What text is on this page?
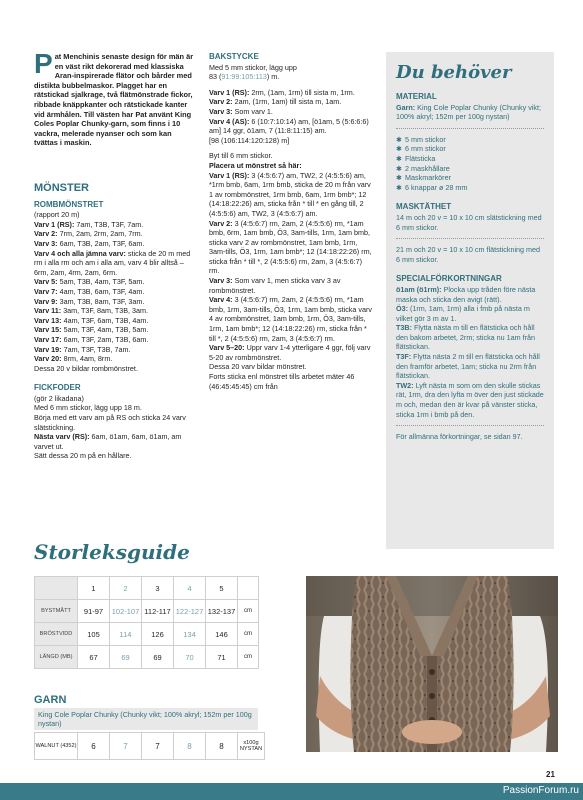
Pat Menchinis senaste design för män är en väst rikt dekorerad med klassiska Aran-inspirerade flätor och bårder med distikta bubbelmaskor. Plagget har en rätstickad sjalkrage, två flätmönstrade fickor, ribbade knäppkanter och rätstickade kanter vid ärmhålen. Till västen har Pat använt King Coles Poplar Chunky-garn, som finns i 10 vackra, melerade nyanser och som kan tvättas i maskin.
MÖNSTER
ROMBMÖNSTRET

(rapport 20 m)

Varv 1 (RS): 7am, T3B, T3F, 7am.

Varv 2: 7rm, 2am, 2rm, 2am, 7rm.

Varv 3: 6am, T3B, 2am, T3F, 6am.

Varv 4 och alla jämna varv: sticka de 20 m med rm i alla rm och am i alla am, varv 4 blir alltså – 6rm, 2am, 4rm, 2am, 6rm.

Varv 5: 5am, T3B, 4am, T3F, 5am.

Varv 7: 4am, T3B, 6am, T3F, 4am.

Varv 9: 3am, T3B, 8am, T3F, 3am.

Varv 11: 3am, T3F, 8am, T3B, 3am.

Varv 13: 4am, T3F, 6am, T3B, 4am.

Varv 15: 5am, T3F, 4am, T3B, 5am.

Varv 17: 6am, T3F, 2am, T3B, 6am.

Varv 19: 7am, T3F, T3B, 7am.

Varv 20: 8rm, 4am, 8rm.

Dessa 20 v bildar rombmönstret.

FICKFODER

(gör 2 likadana)

Med 6 mm stickor, lägg upp 18 m.

Börja med ett varv am på RS och sticka 24 varv slätstickning.

Nästa varv (RS): 6am, ö1am, 6am, ö1am, am varvet ut.

Sätt dessa 20 m på en hållare.

BAKSTYCKE

Med 5 mm stickor, lägg upp

83 (91:99:105:113) m.

Varv 1 (RS): 2rm, (1am, 1rm) till sista m, 1rm.

Varv 2: 2am, (1rm, 1am) till sista m, 1am.

Varv 3: Som varv 1.

Varv 4 (AS): 6 (10:7:10:14) am, [ö1am, 5 (5:6:6:6) am] 14 ggr, ö1am, 7 (11:8:11:15) am.

[98 (106:114:120:128) m]

Byt till 6 mm stickor.

Placera ut mönstret så här:

Varv 1 (RS): 3 (4:5:6:7) am, TW2, 2 (4:5:5:6) am, *1rm bmb, 6am, 1rm bmb, sticka de 20 m från varv 1 av rombmönstret, 1rm bmb, 6am, 1rm bmb*; 12 (14:18:22:26) am, sticka från * till * en gång till, 2 (4:5:5:6) am, TW2, 3 (4:5:6:7) am.

Varv 2: 3 (4:5:6:7) rm, 2am, 2 (4:5:5:6) rm, *1am bmb, 6rm, 1am bmb, Ö3, 3am-tills, 1rm, 1am bmb, sticka varv 2 av rombmönstret, 1am bmb, 1rm, 3am-tills, Ö3, 1rm, 1am bmb*; 12 (14:18:22:26) rm, sticka från * till *, 2 (4:5:5:6) rm, 2am, 3 (4:5:6:7) rm.

Varv 3: Som varv 1, men sticka varv 3 av rombmönstret.

Varv 4: 3 (4:5:6:7) rm, 2am, 2 (4:5:5:6) rm, *1am bmb, 1rm, 3am-tills, Ö3, 1rm, 1am bmb, sticka varv 4 av rombmönstret, 1am bmb, 1rm, Ö3, 3am-tills, 1rm, 1am bmb*; 12 (14:18:22:26) rm, sticka från * till *, 2 (4:5:5:6) rm, 2am, 3 (4:5:6:7) rm.

Varv 5–20: Uppr varv 1-4 ytterligare 4 ggr, följ varv 5-20 av rombmönstret.

Dessa 20 varv bildar mönstret.

Forts sticka enl mönstret tills arbetet mäter 46 (46:45:45:45) cm från

Du behöver
MATERIAL

Garn: King Cole Poplar Chunky (Chunky vikt; 100% akryl; 152m per 100g nystan)

✱ 5 mm stickor
✱ 6 mm stickor
✱ Flätsticka
✱ 2 maskhållare
✱ Maskmarkörer
✱ 6 knappar ø 28 mm
MASKTÄTHET

14 m och 20 v = 10 x 10 cm slätstickning med 6 mm stickor.

21 m och 20 v = 10 x 10 cm flätstickning med 6 mm stickor.

SPECIALFÖRKORTNINGAR

ö1am (ö1rm): Plocka upp tråden före nästa maska och sticka den avigt (rätt).

Ö3: (1rm, 1am, 1rm) alla i fmb på nästa m vilket gör 3 m av 1.

T3B: Flytta nästa m till en flätsticka och håll den bakom arbetet, 2rm; sticka nu 1am från flätstickan.

T3F: Flytta nästa 2 m till en flätsticka och håll den framför arbetet, 1am; sticka nu 2rm från flätstickan.

TW2: Lyft nästa m som om den skulle stickas rät, 1rm, dra den lyfta m över den just stickade m och, medan den är kvar på vänster sticka, sticka 1rm i bmb på den.

För allmänna förkortningar, se sidan 97.

Storleksguide
	1	2	3	4	5	
BYSTMÅTT	91-97	102-107	112-117	122-127	132-137	cm
BRÖSTVIDD	105	114	126	134	146	cm
LÄNGD (MB)	67	69	69	70	71	cm
GARN
King Cole Poplar Chunky (Chunky vikt; 100% akryl; 152m per 100g nystan)
WALNUT (4352)	6	7	7	8	8	x100g NYSTAN
21
PassionForum.ru
